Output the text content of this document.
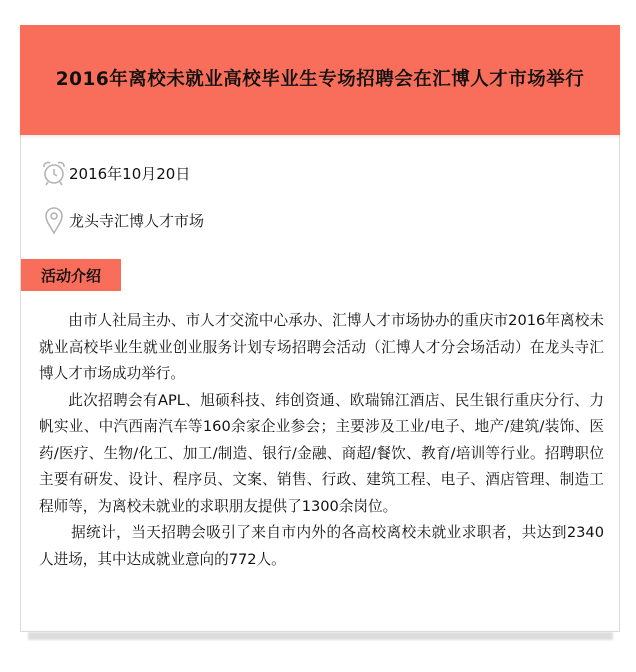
2016年离校未就业高校毕业生专场招聘会在汇博人才市场举行
2016年10月20日
龙头寺汇博人才市场
活动介绍

由市人社局主办、市人才交流中心承办、汇博人才市场协办的重庆市2016年离校未就业高校毕业生就业创业服务计划专场招聘会活动（汇博人才分会场活动）在龙头寺汇博人才市场成功举行。

此次招聘会有APL、旭硕科技、纬创资通、欧瑞锦江酒店、民生银行重庆分行、力帆实业、中汽西南汽车等160余家企业参会；主要涉及工业/电子、地产/建筑/装饰、医药/医疗、生物/化工、加工/制造、银行/金融、商超/餐饮、教育/培训等行业。招聘职位主要有研发、设计、程序员、文案、销售、行政、建筑工程、电子、酒店管理、制造工程师等，为离校未就业的求职朋友提供了1300余岗位。

据统计，当天招聘会吸引了来自市内外的各高校离校未就业求职者，共达到2340人进场，其中达成就业意向的772人。
